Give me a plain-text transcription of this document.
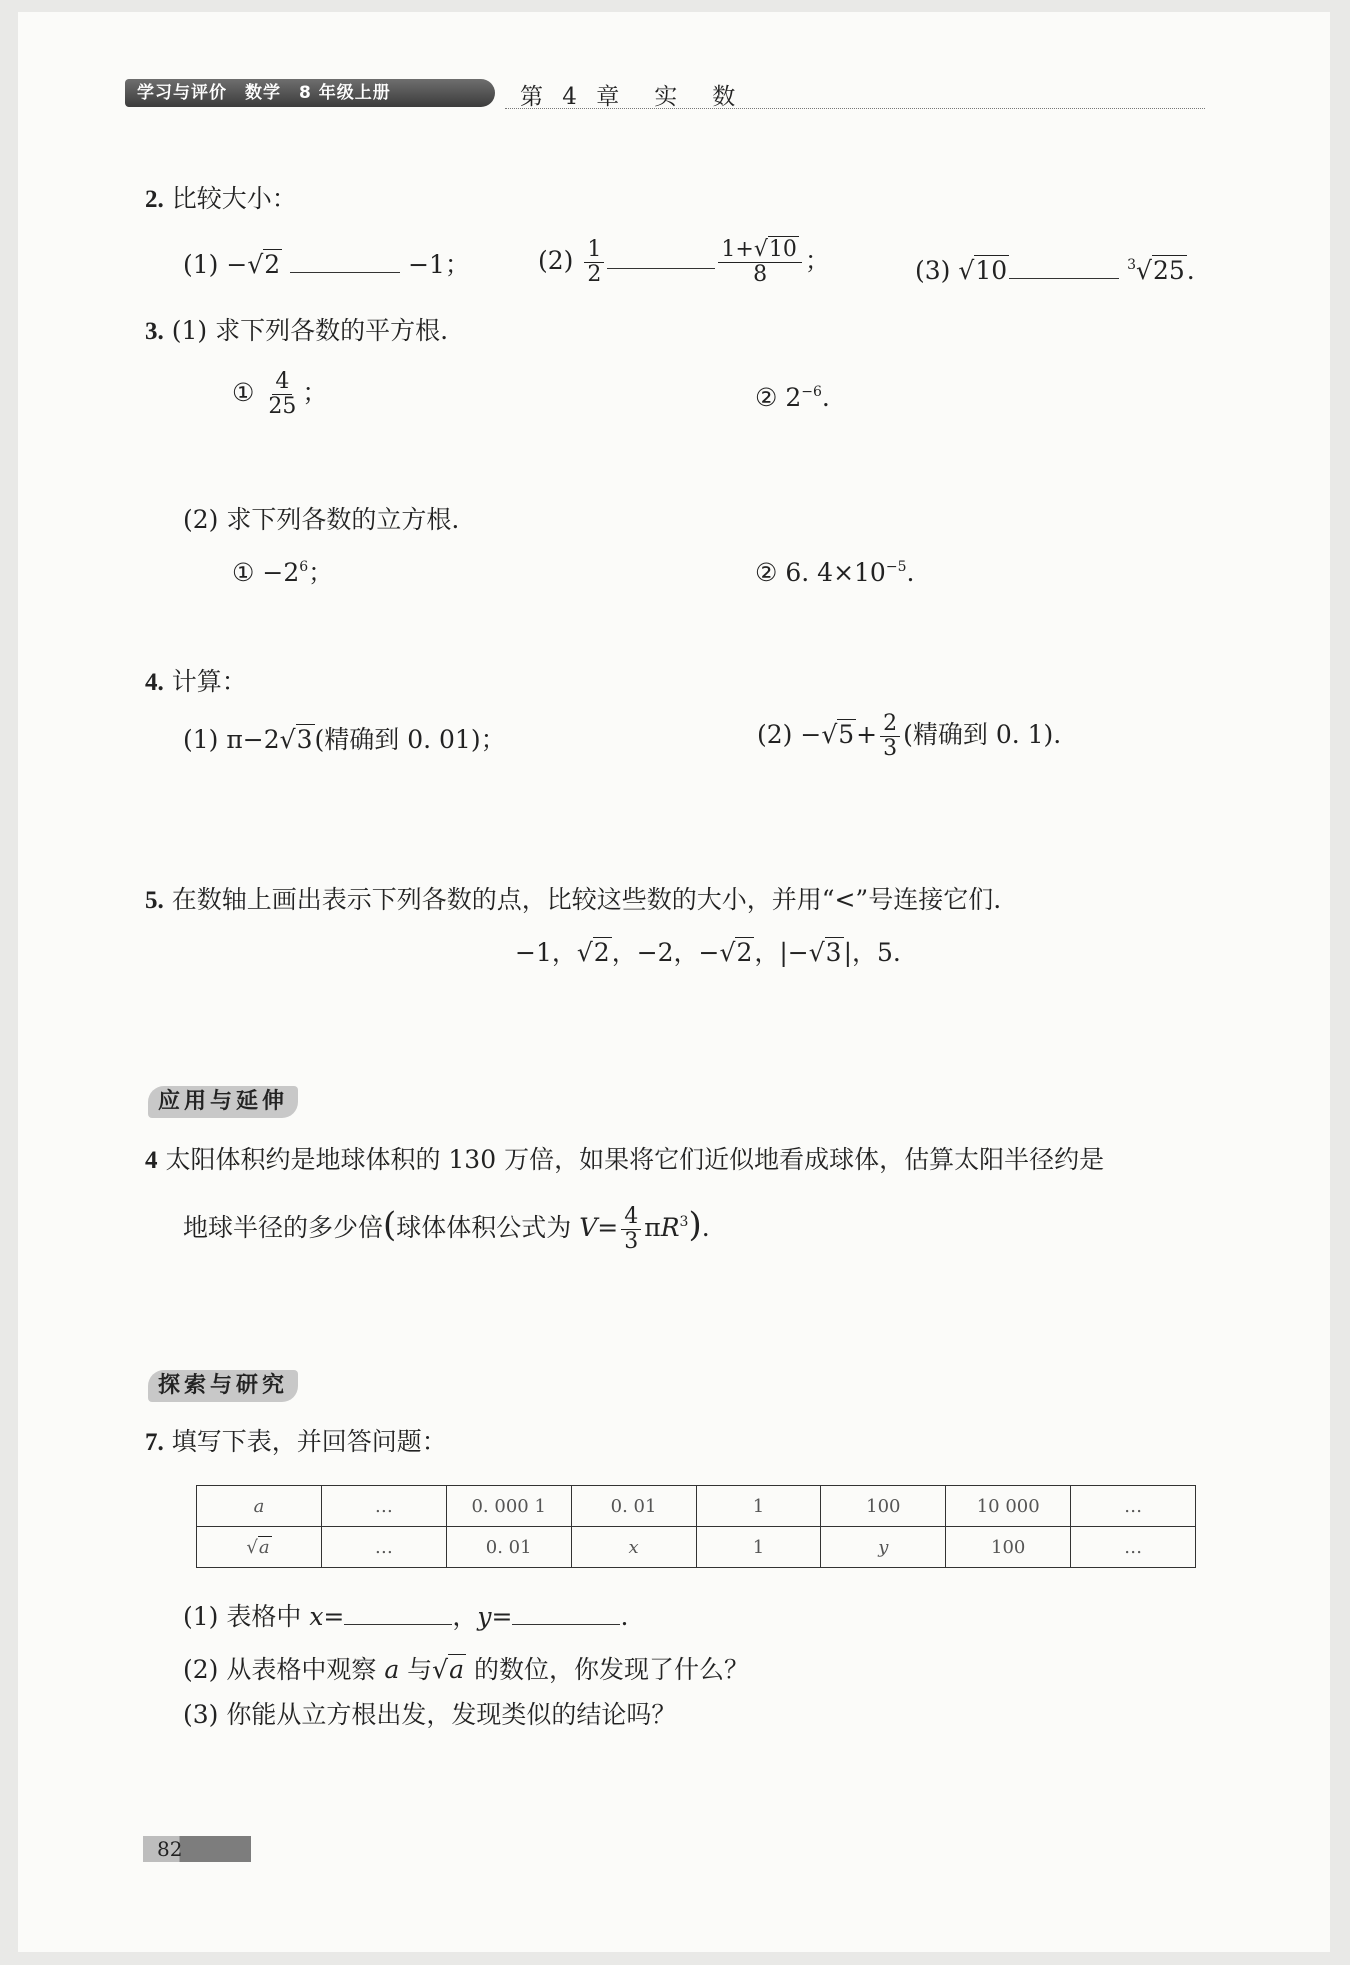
学习与评价　数学　8 年级上册	第 4 章　实　数
2. 比较大小：
(1) −√2	−1；	$(2) \frac{1}{2}$	$\frac{1+√10}{8}$ ；	(3) √10	$^3$√25.
3. (1) 求下列各数的平方根.
① $\frac{4}{25}$ ；	② $2^{-6}$.
(2) 求下列各数的立方根.
① $-2^6$；	② 6. $4\times 10^{-5}$.
4. 计算：
(1) π−2√3(精确到 0. 01)；	$(2) -√5+ \frac{2}{3}$ (精确到 0. 1).
5. 在数轴上画出表示下列各数的点，比较这些数的大小，并用“<”号连接它们.
−1，√2，−2，−√2，|−√3|，5.
应用与延伸
4 太阳体积约是地球体积的 130 万倍，如果将它们近似地看成球体，估算太阳半径约是
地球半径的多少倍(球体体积公式为 $V= \frac{4}{3} \pi R^3$).
探索与研究
7. 填写下表，并回答问题：
a	…	0. 000 1	0. 01	1	100	10 000	…
√a	…	0. 01	x	1	y	100	…
(1) 表格中 x=	，y=	.
(2) 从表格中观察 a 与√a 的数位，你发现了什么？
(3) 你能从立方根出发，发现类似的结论吗？
82
